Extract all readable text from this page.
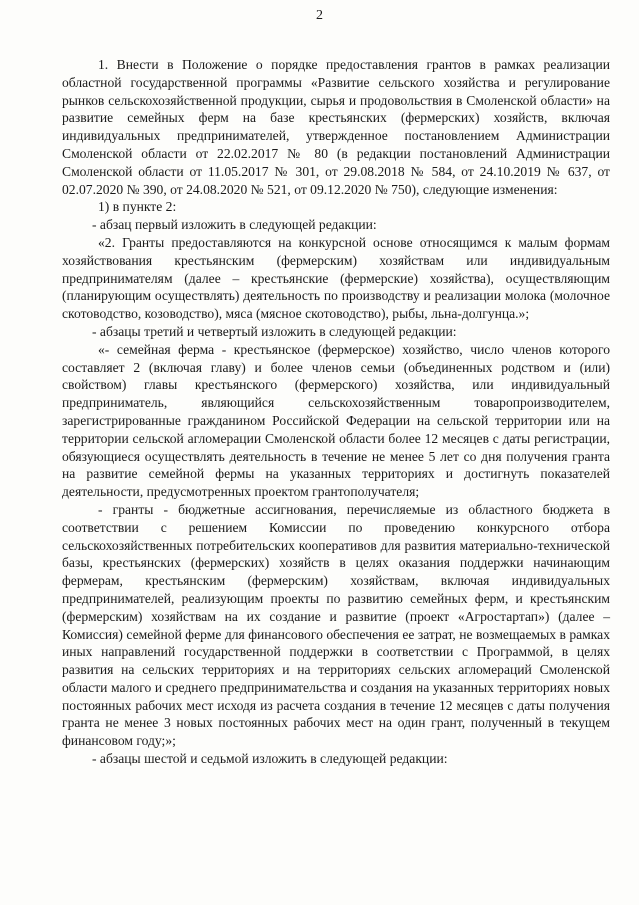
2

1. Внести в Положение о порядке предоставления грантов в рамках реализации областной государственной программы «Развитие сельского хозяйства и регулирование рынков сельскохозяйственной продукции, сырья и продовольствия в Смоленской области» на развитие семейных ферм на базе крестьянских (фермерских) хозяйств, включая индивидуальных предпринимателей, утвержденное постановлением Администрации Смоленской области от 22.02.2017 № 80 (в редакции постановлений Администрации Смоленской области от 11.05.2017 № 301, от 29.08.2018 № 584, от 24.10.2019 № 637, от 02.07.2020 № 390, от 24.08.2020 № 521, от 09.12.2020 № 750), следующие изменения:

1) в пункте 2:

- абзац первый изложить в следующей редакции:

«2. Гранты предоставляются на конкурсной основе относящимся к малым формам хозяйствования крестьянским (фермерским) хозяйствам или индивидуальным предпринимателям (далее – крестьянские (фермерские) хозяйства), осуществляющим (планирующим осуществлять) деятельность по производству и реализации молока (молочное скотоводство, козоводство), мяса (мясное скотоводство), рыбы, льна-долгунца.»;

- абзацы третий и четвертый изложить в следующей редакции:

«- семейная ферма - крестьянское (фермерское) хозяйство, число членов которого составляет 2 (включая главу) и более членов семьи (объединенных родством и (или) свойством) главы крестьянского (фермерского) хозяйства, или индивидуальный предприниматель, являющийся сельскохозяйственным товаропроизводителем, зарегистрированные гражданином Российской Федерации на сельской территории или на территории сельской агломерации Смоленской области более 12 месяцев с даты регистрации, обязующиеся осуществлять деятельность в течение не менее 5 лет со дня получения гранта на развитие семейной фермы на указанных территориях и достигнуть показателей деятельности, предусмотренных проектом грантополучателя;

- гранты - бюджетные ассигнования, перечисляемые из областного бюджета в соответствии с решением Комиссии по проведению конкурсного отбора сельскохозяйственных потребительских кооперативов для развития материально-технической базы, крестьянских (фермерских) хозяйств в целях оказания поддержки начинающим фермерам, крестьянским (фермерским) хозяйствам, включая индивидуальных предпринимателей, реализующим проекты по развитию семейных ферм, и крестьянским (фермерским) хозяйствам на их создание и развитие (проект «Агростартап») (далее – Комиссия) семейной ферме для финансового обеспечения ее затрат, не возмещаемых в рамках иных направлений государственной поддержки в соответствии с Программой, в целях развития на сельских территориях и на территориях сельских агломераций Смоленской области малого и среднего предпринимательства и создания на указанных территориях новых постоянных рабочих мест исходя из расчета создания в течение 12 месяцев с даты получения гранта не менее 3 новых постоянных рабочих мест на один грант, полученный в текущем финансовом году;»;

- абзацы шестой и седьмой изложить в следующей редакции:
